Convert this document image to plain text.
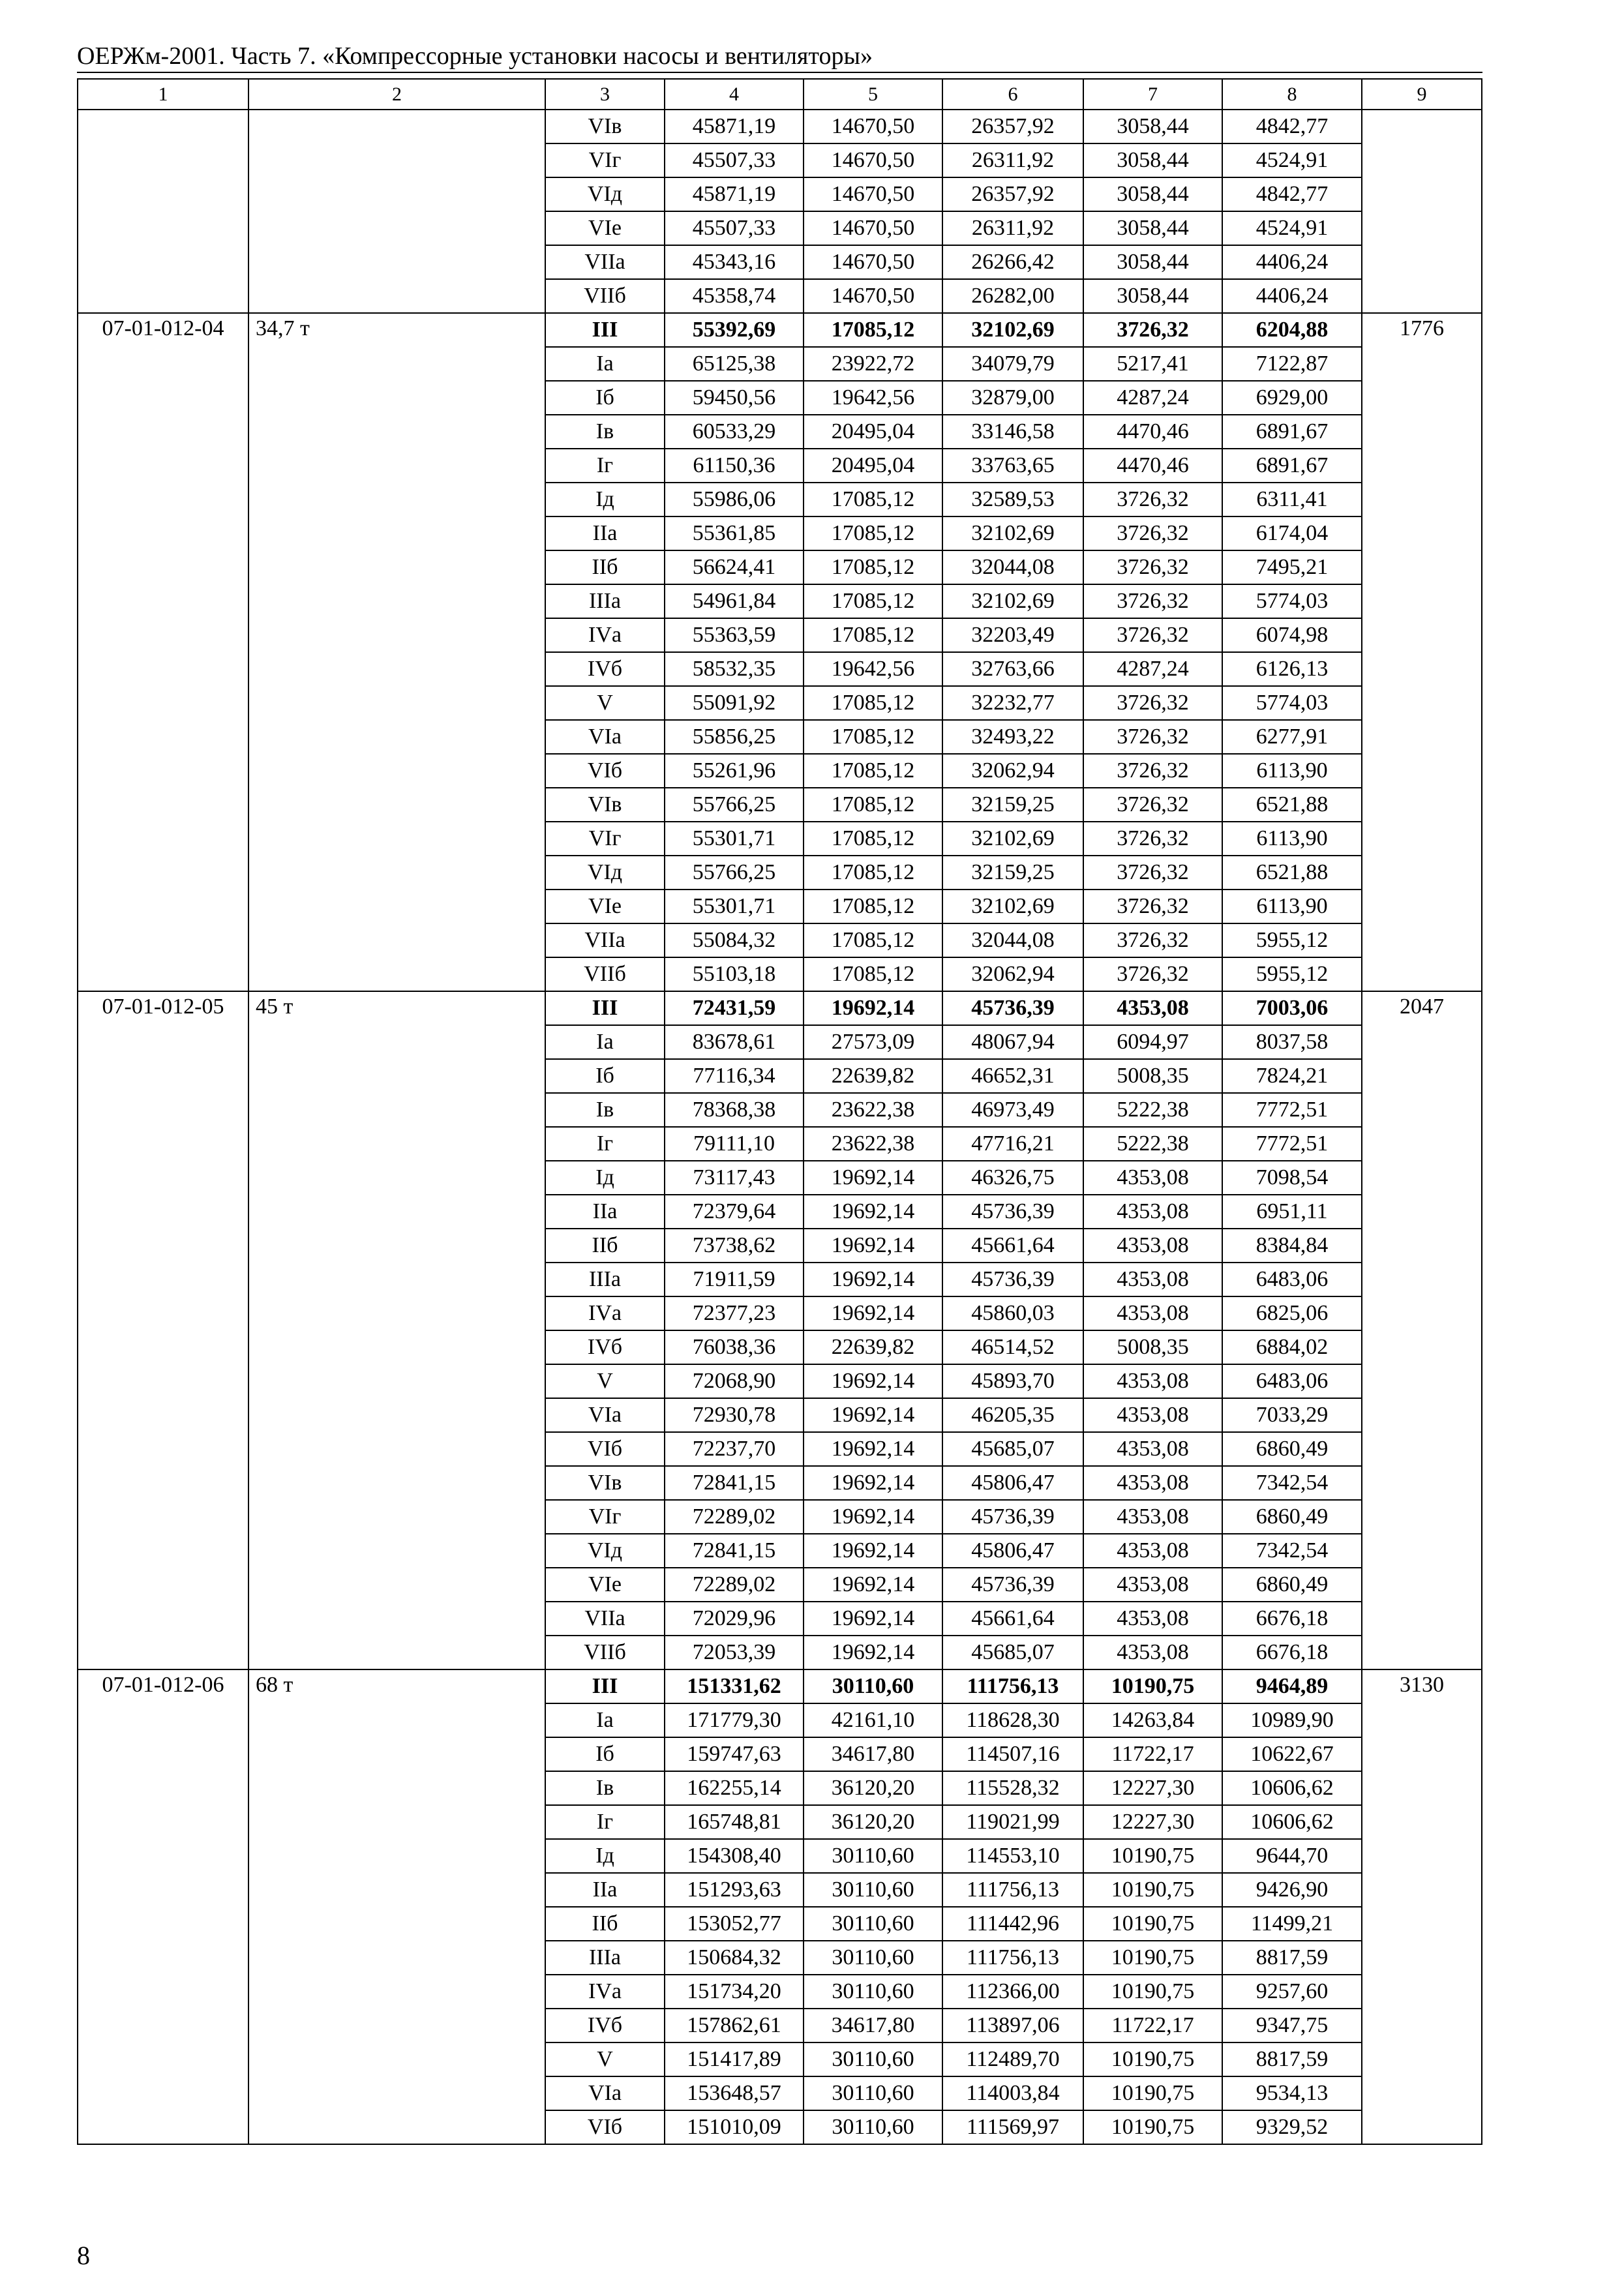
ОЕРЖм-2001. Часть 7. «Компрессорные установки насосы и вентиляторы»
1	2	3	4	5	6	7	8	9
		VIв	45871,19	14670,50	26357,92	3058,44	4842,77	
		VIг	45507,33	14670,50	26311,92	3058,44	4524,91	
		VIд	45871,19	14670,50	26357,92	3058,44	4842,77	
		VIе	45507,33	14670,50	26311,92	3058,44	4524,91	
		VIIа	45343,16	14670,50	26266,42	3058,44	4406,24	
		VIIб	45358,74	14670,50	26282,00	3058,44	4406,24	
07-01-012-04	34,7 т	III	55392,69	17085,12	32102,69	3726,32	6204,88	1776
		Iа	65125,38	23922,72	34079,79	5217,41	7122,87	
		Iб	59450,56	19642,56	32879,00	4287,24	6929,00	
		Iв	60533,29	20495,04	33146,58	4470,46	6891,67	
		Iг	61150,36	20495,04	33763,65	4470,46	6891,67	
		Iд	55986,06	17085,12	32589,53	3726,32	6311,41	
		IIа	55361,85	17085,12	32102,69	3726,32	6174,04	
		IIб	56624,41	17085,12	32044,08	3726,32	7495,21	
		IIIа	54961,84	17085,12	32102,69	3726,32	5774,03	
		IVа	55363,59	17085,12	32203,49	3726,32	6074,98	
		IVб	58532,35	19642,56	32763,66	4287,24	6126,13	
		V	55091,92	17085,12	32232,77	3726,32	5774,03	
		VIа	55856,25	17085,12	32493,22	3726,32	6277,91	
		VIб	55261,96	17085,12	32062,94	3726,32	6113,90	
		VIв	55766,25	17085,12	32159,25	3726,32	6521,88	
		VIг	55301,71	17085,12	32102,69	3726,32	6113,90	
		VIд	55766,25	17085,12	32159,25	3726,32	6521,88	
		VIе	55301,71	17085,12	32102,69	3726,32	6113,90	
		VIIа	55084,32	17085,12	32044,08	3726,32	5955,12	
		VIIб	55103,18	17085,12	32062,94	3726,32	5955,12	
07-01-012-05	45 т	III	72431,59	19692,14	45736,39	4353,08	7003,06	2047
		Iа	83678,61	27573,09	48067,94	6094,97	8037,58	
		Iб	77116,34	22639,82	46652,31	5008,35	7824,21	
		Iв	78368,38	23622,38	46973,49	5222,38	7772,51	
		Iг	79111,10	23622,38	47716,21	5222,38	7772,51	
		Iд	73117,43	19692,14	46326,75	4353,08	7098,54	
		IIа	72379,64	19692,14	45736,39	4353,08	6951,11	
		IIб	73738,62	19692,14	45661,64	4353,08	8384,84	
		IIIа	71911,59	19692,14	45736,39	4353,08	6483,06	
		IVа	72377,23	19692,14	45860,03	4353,08	6825,06	
		IVб	76038,36	22639,82	46514,52	5008,35	6884,02	
		V	72068,90	19692,14	45893,70	4353,08	6483,06	
		VIа	72930,78	19692,14	46205,35	4353,08	7033,29	
		VIб	72237,70	19692,14	45685,07	4353,08	6860,49	
		VIв	72841,15	19692,14	45806,47	4353,08	7342,54	
		VIг	72289,02	19692,14	45736,39	4353,08	6860,49	
		VIд	72841,15	19692,14	45806,47	4353,08	7342,54	
		VIе	72289,02	19692,14	45736,39	4353,08	6860,49	
		VIIа	72029,96	19692,14	45661,64	4353,08	6676,18	
		VIIб	72053,39	19692,14	45685,07	4353,08	6676,18	
07-01-012-06	68 т	III	151331,62	30110,60	111756,13	10190,75	9464,89	3130
		Iа	171779,30	42161,10	118628,30	14263,84	10989,90	
		Iб	159747,63	34617,80	114507,16	11722,17	10622,67	
		Iв	162255,14	36120,20	115528,32	12227,30	10606,62	
		Iг	165748,81	36120,20	119021,99	12227,30	10606,62	
		Iд	154308,40	30110,60	114553,10	10190,75	9644,70	
		IIа	151293,63	30110,60	111756,13	10190,75	9426,90	
		IIб	153052,77	30110,60	111442,96	10190,75	11499,21	
		IIIа	150684,32	30110,60	111756,13	10190,75	8817,59	
		IVа	151734,20	30110,60	112366,00	10190,75	9257,60	
		IVб	157862,61	34617,80	113897,06	11722,17	9347,75	
		V	151417,89	30110,60	112489,70	10190,75	8817,59	
		VIа	153648,57	30110,60	114003,84	10190,75	9534,13	
		VIб	151010,09	30110,60	111569,97	10190,75	9329,52	
8
